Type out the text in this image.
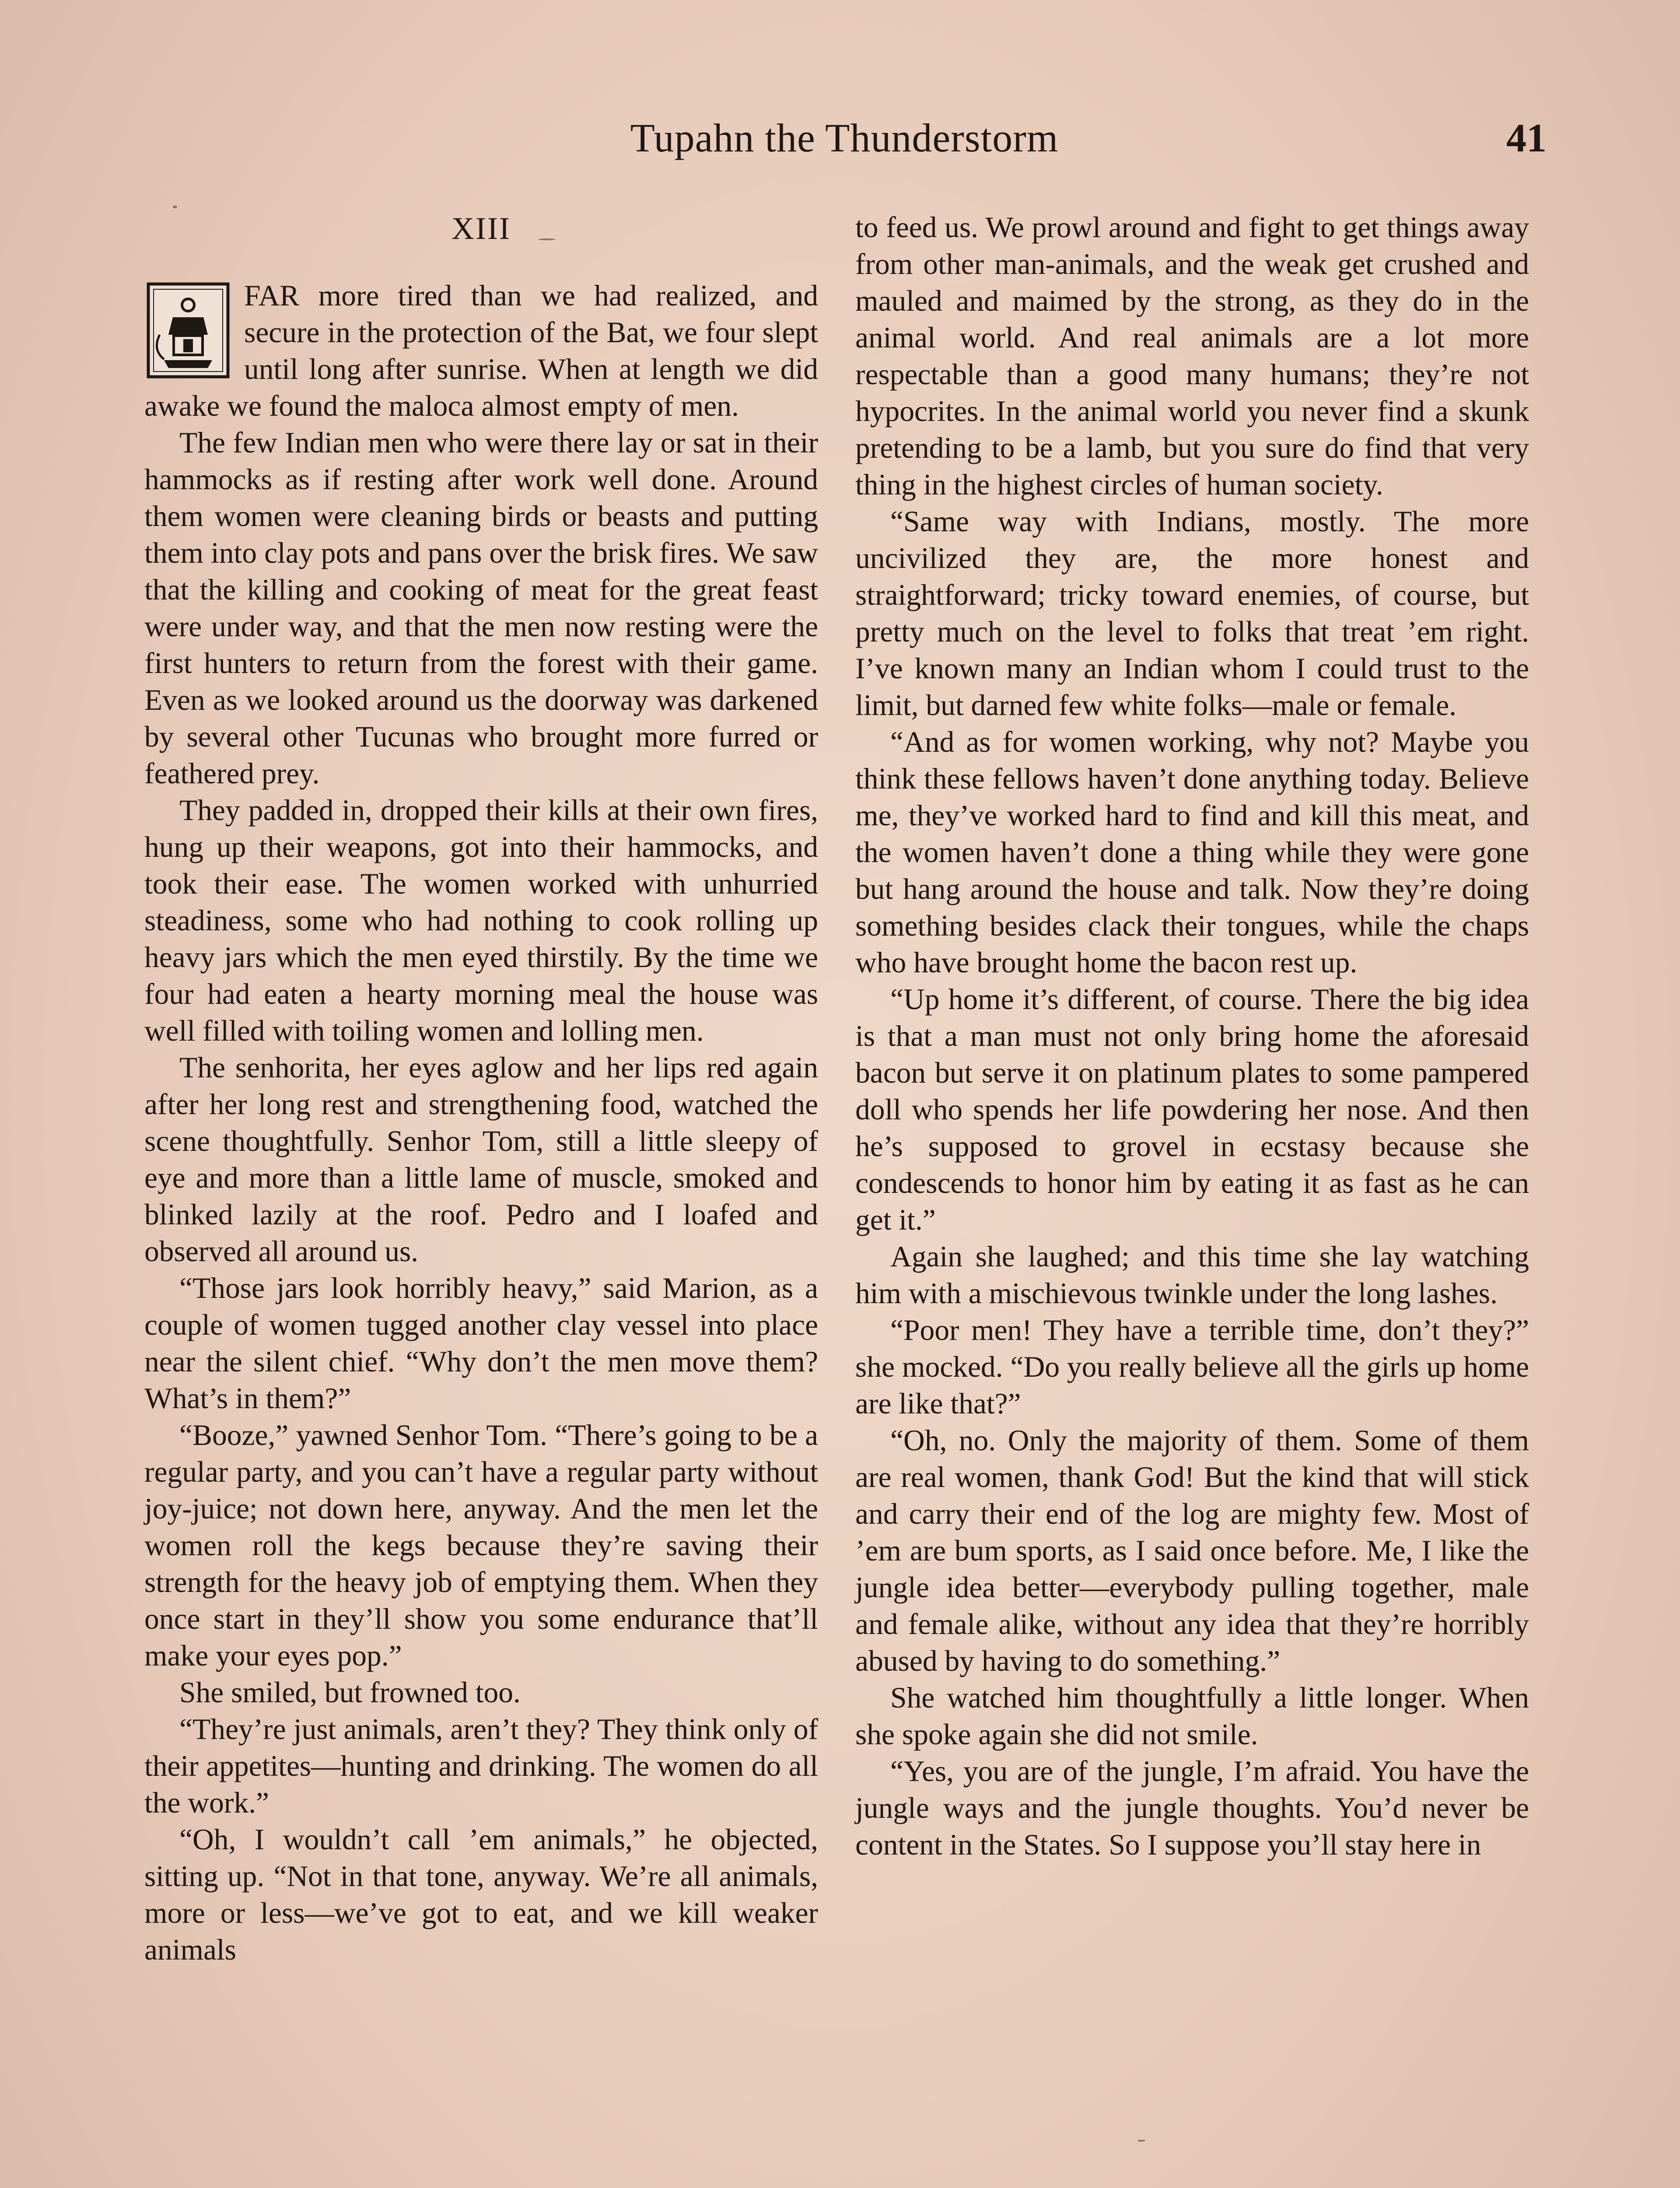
Tupahn the Thunderstorm	41
XIII

FAR more tired than we had realized, and secure in the protection of the Bat, we four slept until long after sunrise. When at length we did awake we found the maloca almost empty of men.

The few Indian men who were there lay or sat in their hammocks as if resting after work well done. Around them women were cleaning birds or beasts and putting them into clay pots and pans over the brisk fires. We saw that the killing and cooking of meat for the great feast were under way, and that the men now resting were the first hunters to return from the forest with their game. Even as we looked around us the doorway was darkened by several other Tucunas who brought more furred or feathered prey.

They padded in, dropped their kills at their own fires, hung up their weapons, got into their hammocks, and took their ease. The women worked with unhurried steadiness, some who had nothing to cook rolling up heavy jars which the men eyed thirstily. By the time we four had eaten a hearty morning meal the house was well filled with toiling women and lolling men.

The senhorita, her eyes aglow and her lips red again after her long rest and strengthening food, watched the scene thoughtfully. Senhor Tom, still a little sleepy of eye and more than a little lame of muscle, smoked and blinked lazily at the roof. Pedro and I loafed and observed all around us.

“Those jars look horribly heavy,” said Marion, as a couple of women tugged another clay vessel into place near the silent chief. “Why don’t the men move them? What’s in them?”

“Booze,” yawned Senhor Tom. “There’s going to be a regular party, and you can’t have a regular party without joy-juice; not down here, anyway. And the men let the women roll the kegs because they’re saving their strength for the heavy job of emptying them. When they once start in they’ll show you some endurance that’ll make your eyes pop.”

She smiled, but frowned too.

“They’re just animals, aren’t they? They think only of their appetites—hunting and drinking. The women do all the work.”

“Oh, I wouldn’t call ’em animals,” he objected, sitting up. “Not in that tone, anyway. We’re all animals, more or less—we’ve got to eat, and we kill weaker animals

to feed us. We prowl around and fight to get things away from other man-animals, and the weak get crushed and mauled and maimed by the strong, as they do in the animal world. And real animals are a lot more respectable than a good many humans; they’re not hypocrites. In the animal world you never find a skunk pretending to be a lamb, but you sure do find that very thing in the highest circles of human society.

“Same way with Indians, mostly. The more uncivilized they are, the more honest and straightforward; tricky toward enemies, of course, but pretty much on the level to folks that treat ’em right. I’ve known many an Indian whom I could trust to the limit, but darned few white folks—male or female.

“And as for women working, why not? Maybe you think these fellows haven’t done anything today. Believe me, they’ve worked hard to find and kill this meat, and the women haven’t done a thing while they were gone but hang around the house and talk. Now they’re doing something besides clack their tongues, while the chaps who have brought home the bacon rest up.

“Up home it’s different, of course. There the big idea is that a man must not only bring home the aforesaid bacon but serve it on platinum plates to some pampered doll who spends her life powdering her nose. And then he’s supposed to grovel in ecstasy because she condescends to honor him by eating it as fast as he can get it.”

Again she laughed; and this time she lay watching him with a mischievous twinkle under the long lashes.

“Poor men! They have a terrible time, don’t they?” she mocked. “Do you really believe all the girls up home are like that?”

“Oh, no. Only the majority of them. Some of them are real women, thank God! But the kind that will stick and carry their end of the log are mighty few. Most of ’em are bum sports, as I said once before. Me, I like the jungle idea better—everybody pulling together, male and female alike, without any idea that they’re horribly abused by having to do something.”

She watched him thoughtfully a little longer. When she spoke again she did not smile.

“Yes, you are of the jungle, I’m afraid. You have the jungle ways and the jungle thoughts. You’d never be content in the States. So I suppose you’ll stay here in
